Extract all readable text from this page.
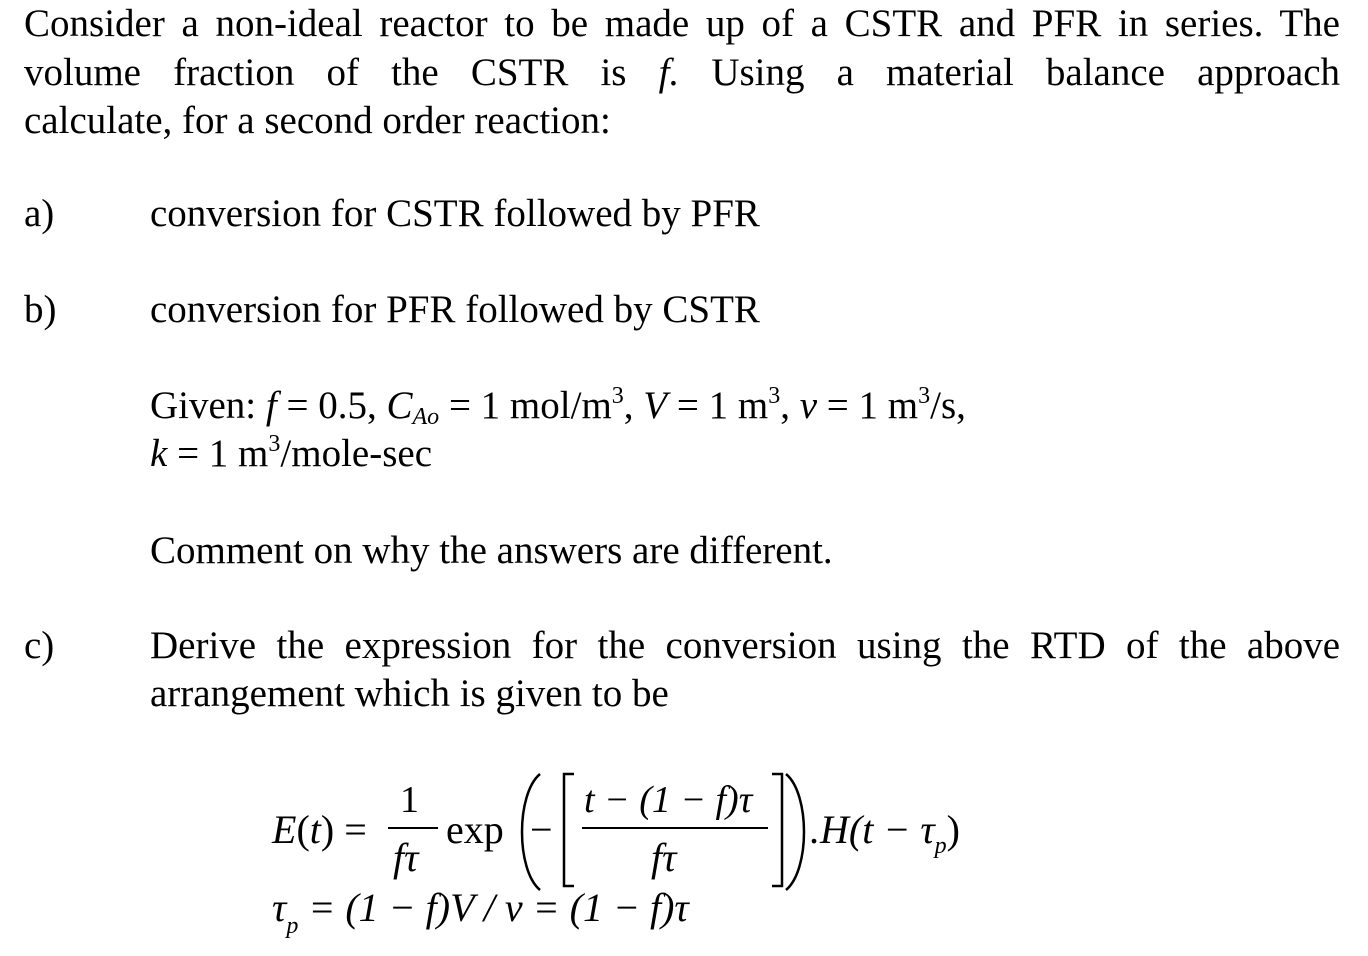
Consider a non-ideal reactor to be made up of a CSTR and PFR in series. The
volume fraction of the CSTR is f. Using a material balance approach
calculate, for a second order reaction:
a) conversion for CSTR followed by PFR
b) conversion for PFR followed by CSTR
Given: f = 0.5, CAo = 1 mol/$m^3$, V = 1 $m^3$, v = 1 $m^3/s$,
k = 1 $m^3/mole-\sec$
Comment on why the answers are different.
c) Derive the expression for the conversion using the RTD of the above
arrangement which is given to be
E(t) =
1
fτ
exp −
t − (1 − f)τ
fτ
$.H(t - \tau_p)$
$\tau_p = (1 - f)V / v = (1 - f)\tau$
